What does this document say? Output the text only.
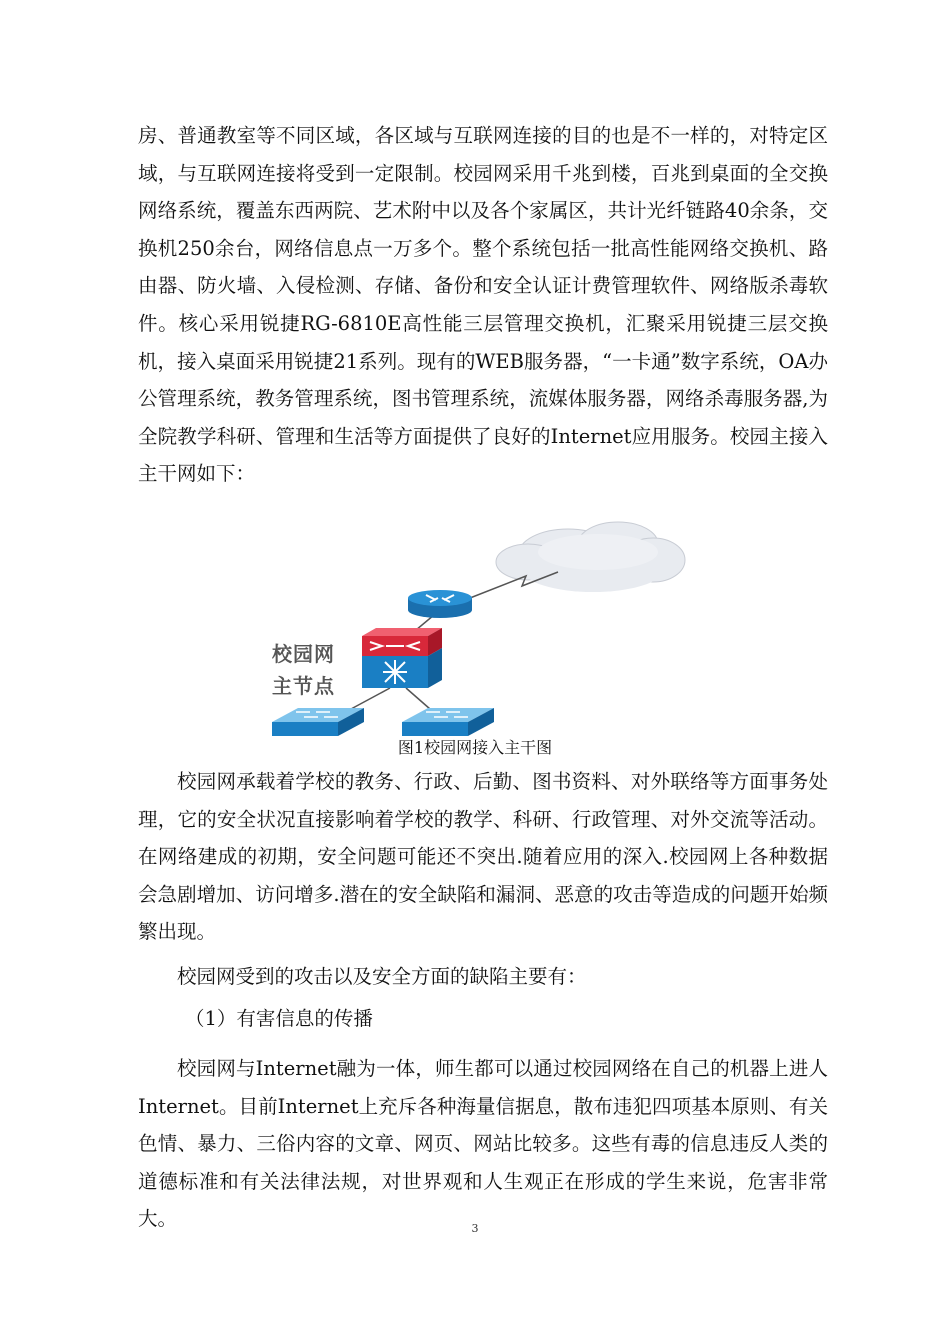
房、普通教室等不同区域，各区域与互联网连接的目的也是不一样的，对特定区域，与互联网连接将受到一定限制。校园网采用千兆到楼，百兆到桌面的全交换网络系统，覆盖东西两院、艺术附中以及各个家属区，共计光纤链路40余条，交换机250余台，网络信息点一万多个。整个系统包括一批高性能网络交换机、路由器、防火墙、入侵检测、存储、备份和安全认证计费管理软件、网络版杀毒软件。核心采用锐捷RG-6810E高性能三层管理交换机，汇聚采用锐捷三层交换机，接入桌面采用锐捷21系列。现有的WEB服务器，“一卡通”数字系统，OA办公管理系统，教务管理系统，图书管理系统，流媒体服务器，网络杀毒服务器,为全院教学科研、管理和生活等方面提供了良好的Internet应用服务。校园主接入主干网如下：

校园网
主节点
图1校园网接入主干图

校园网承载着学校的教务、行政、后勤、图书资料、对外联络等方面事务处理，它的安全状况直接影响着学校的教学、科研、行政管理、对外交流等活动。在网络建成的初期，安全问题可能还不突出.随着应用的深入.校园网上各种数据会急剧增加、访问增多.潜在的安全缺陷和漏洞、恶意的攻击等造成的问题开始频繁出现。

校园网受到的攻击以及安全方面的缺陷主要有：

（1）有害信息的传播

校园网与Internet融为一体，师生都可以通过校园网络在自己的机器上进人Internet。目前Internet上充斥各种海量信据息，散布违犯四项基本原则、有关色情、暴力、三俗内容的文章、网页、网站比较多。这些有毒的信息违反人类的道德标准和有关法律法规，对世界观和人生观正在形成的学生来说，危害非常大。	3
